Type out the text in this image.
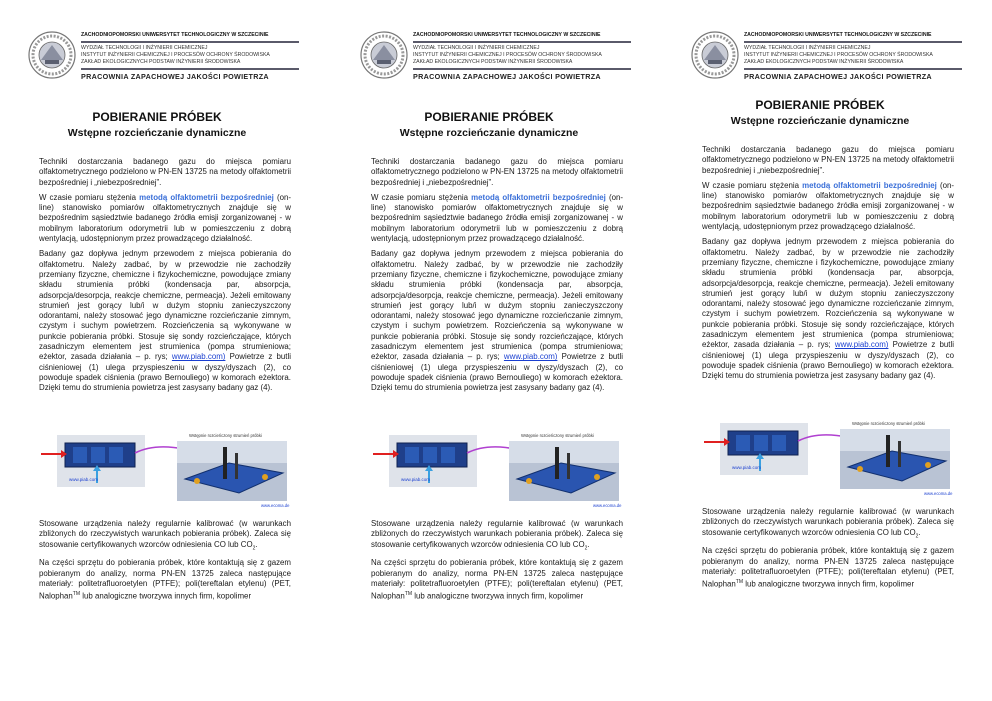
ZACHODNIOPOMORSKI UNIWERSYTET TECHNOLOGICZNY W SZCZECINIE
WYDZIAŁ TECHNOLOGII I INŻYNIERII CHEMICZNEJ
INSTYTUT INŻYNIERII CHEMICZNEJ I PROCESÓW OCHRONY ŚRODOWISKA
ZAKŁAD EKOLOGICZNYCH PODSTAW INŻYNIERII ŚRODOWISKA
PRACOWNIA ZAPACHOWEJ JAKOŚCI POWIETRZA
POBIERANIE PRÓBEK
Wstępne rozcieńczanie dynamiczne

Techniki dostarczania badanego gazu do miejsca pomiaru olfaktometrycznego podzielono w PN-EN 13725 na metody olfaktometrii bezpośredniej i „niebezpośredniej”.

W czasie pomiaru stężenia metodą olfaktometrii bezpośredniej (on-line) stanowisko pomiarów olfaktometrycznych znajduje się w bezpośrednim sąsiedztwie badanego źródła emisji zorganizowanej - w mobilnym laboratorium odorymetrii lub w pomieszczeniu z dobrą wentylacją, udostępnionym przez prowadzącego działalność.

Badany gaz dopływa jednym przewodem z miejsca pobierania do olfaktometru. Należy zadbać, by w przewodzie nie zachodziły przemiany fizyczne, chemiczne i fizykochemiczne, powodujące zmiany składu strumienia próbki (kondensacja par, absorpcja, adsorpcja/desorpcja, reakcje chemiczne, permeacja). Jeżeli emitowany strumień jest gorący lub/i w dużym stopniu zanieczyszczony odorantami, należy stosować jego dynamiczne rozcieńczanie zimnym, czystym i suchym powietrzem. Rozcieńczenia są wykonywane w punkcie pobierania próbki. Stosuje się sondy rozcieńczające, których zasadniczym elementem jest strumienica (pompa strumieniowa; eżektor, zasada działania – p. rys; www.piab.com) Powietrze z butli ciśnieniowej (1) ulega przyspieszeniu w dyszy/dyszach (2), co powoduje spadek ciśnienia (prawo Bernouliego) w komorach eżektora. Dzięki temu do strumienia powietrza jest zasysany badany gaz (4).

www.piab.com
Wstępnie rozcieńczony strumień próbki
www.ecoma.de

Stosowane urządzenia należy regularnie kalibrować (w warunkach zbliżonych do rzeczywistych warunkach pobierania próbek). Zaleca się stosowanie certyfikowanych wzorców odniesienia CO lub $CO_2$.

Na części sprzętu do pobierania próbek, które kontaktują się z gazem pobieranym do analizy, norma PN-EN 13725 zaleca następujące materiały: politetrafluoroetylen (PTFE); poli(tereftalan etylenu) (PET, Nalophan™ lub analogiczne tworzywa innych firm, kopolimer

ZACHODNIOPOMORSKI UNIWERSYTET TECHNOLOGICZNY W SZCZECINIE
WYDZIAŁ TECHNOLOGII I INŻYNIERII CHEMICZNEJ
INSTYTUT INŻYNIERII CHEMICZNEJ I PROCESÓW OCHRONY ŚRODOWISKA
ZAKŁAD EKOLOGICZNYCH PODSTAW INŻYNIERII ŚRODOWISKA
PRACOWNIA ZAPACHOWEJ JAKOŚCI POWIETRZA
POBIERANIE PRÓBEK
Wstępne rozcieńczanie dynamiczne

Techniki dostarczania badanego gazu do miejsca pomiaru olfaktometrycznego podzielono w PN-EN 13725 na metody olfaktometrii bezpośredniej i „niebezpośredniej”.

W czasie pomiaru stężenia metodą olfaktometrii bezpośredniej (on-line) stanowisko pomiarów olfaktometrycznych znajduje się w bezpośrednim sąsiedztwie badanego źródła emisji zorganizowanej - w mobilnym laboratorium odorymetrii lub w pomieszczeniu z dobrą wentylacją, udostępnionym przez prowadzącego działalność.

Badany gaz dopływa jednym przewodem z miejsca pobierania do olfaktometru. Należy zadbać, by w przewodzie nie zachodziły przemiany fizyczne, chemiczne i fizykochemiczne, powodujące zmiany składu strumienia próbki (kondensacja par, absorpcja, adsorpcja/desorpcja, reakcje chemiczne, permeacja). Jeżeli emitowany strumień jest gorący lub/i w dużym stopniu zanieczyszczony odorantami, należy stosować jego dynamiczne rozcieńczanie zimnym, czystym i suchym powietrzem. Rozcieńczenia są wykonywane w punkcie pobierania próbki. Stosuje się sondy rozcieńczające, których zasadniczym elementem jest strumienica (pompa strumieniowa; eżektor, zasada działania – p. rys; www.piab.com) Powietrze z butli ciśnieniowej (1) ulega przyspieszeniu w dyszy/dyszach (2), co powoduje spadek ciśnienia (prawo Bernouliego) w komorach eżektora. Dzięki temu do strumienia powietrza jest zasysany badany gaz (4).

www.piab.com
Wstępnie rozcieńczony strumień próbki
www.ecoma.de

Stosowane urządzenia należy regularnie kalibrować (w warunkach zbliżonych do rzeczywistych warunkach pobierania próbek). Zaleca się stosowanie certyfikowanych wzorców odniesienia CO lub $CO_2$.

Na części sprzętu do pobierania próbek, które kontaktują się z gazem pobieranym do analizy, norma PN-EN 13725 zaleca następujące materiały: politetrafluoroetylen (PTFE); poli(tereftalan etylenu) (PET, Nalophan™ lub analogiczne tworzywa innych firm, kopolimer

ZACHODNIOPOMORSKI UNIWERSYTET TECHNOLOGICZNY W SZCZECINIE
WYDZIAŁ TECHNOLOGII I INŻYNIERII CHEMICZNEJ
INSTYTUT INŻYNIERII CHEMICZNEJ I PROCESÓW OCHRONY ŚRODOWISKA
ZAKŁAD EKOLOGICZNYCH PODSTAW INŻYNIERII ŚRODOWISKA
PRACOWNIA ZAPACHOWEJ JAKOŚCI POWIETRZA
POBIERANIE PRÓBEK
Wstępne rozcieńczanie dynamiczne

Techniki dostarczania badanego gazu do miejsca pomiaru olfaktometrycznego podzielono w PN-EN 13725 na metody olfaktometrii bezpośredniej i „niebezpośredniej”.

W czasie pomiaru stężenia metodą olfaktometrii bezpośredniej (on-line) stanowisko pomiarów olfaktometrycznych znajduje się w bezpośrednim sąsiedztwie badanego źródła emisji zorganizowanej - w mobilnym laboratorium odorymetrii lub w pomieszczeniu z dobrą wentylacją, udostępnionym przez prowadzącego działalność.

Badany gaz dopływa jednym przewodem z miejsca pobierania do olfaktometru. Należy zadbać, by w przewodzie nie zachodziły przemiany fizyczne, chemiczne i fizykochemiczne, powodujące zmiany składu strumienia próbki (kondensacja par, absorpcja, adsorpcja/desorpcja, reakcje chemiczne, permeacja). Jeżeli emitowany strumień jest gorący lub/i w dużym stopniu zanieczyszczony odorantami, należy stosować jego dynamiczne rozcieńczanie zimnym, czystym i suchym powietrzem. Rozcieńczenia są wykonywane w punkcie pobierania próbki. Stosuje się sondy rozcieńczające, których zasadniczym elementem jest strumienica (pompa strumieniowa; eżektor, zasada działania – p. rys; www.piab.com) Powietrze z butli ciśnieniowej (1) ulega przyspieszeniu w dyszy/dyszach (2), co powoduje spadek ciśnienia (prawo Bernouliego) w komorach eżektora. Dzięki temu do strumienia powietrza jest zasysany badany gaz (4).

www.piab.com
Wstępnie rozcieńczony strumień próbki
www.ecoma.de

Stosowane urządzenia należy regularnie kalibrować (w warunkach zbliżonych do rzeczywistych warunkach pobierania próbek). Zaleca się stosowanie certyfikowanych wzorców odniesienia CO lub $CO_2$.

Na części sprzętu do pobierania próbek, które kontaktują się z gazem pobieranym do analizy, norma PN-EN 13725 zaleca następujące materiały: politetrafluoroetylen (PTFE); poli(tereftalan etylenu) (PET, Nalophan™ lub analogiczne tworzywa innych firm, kopolimer
